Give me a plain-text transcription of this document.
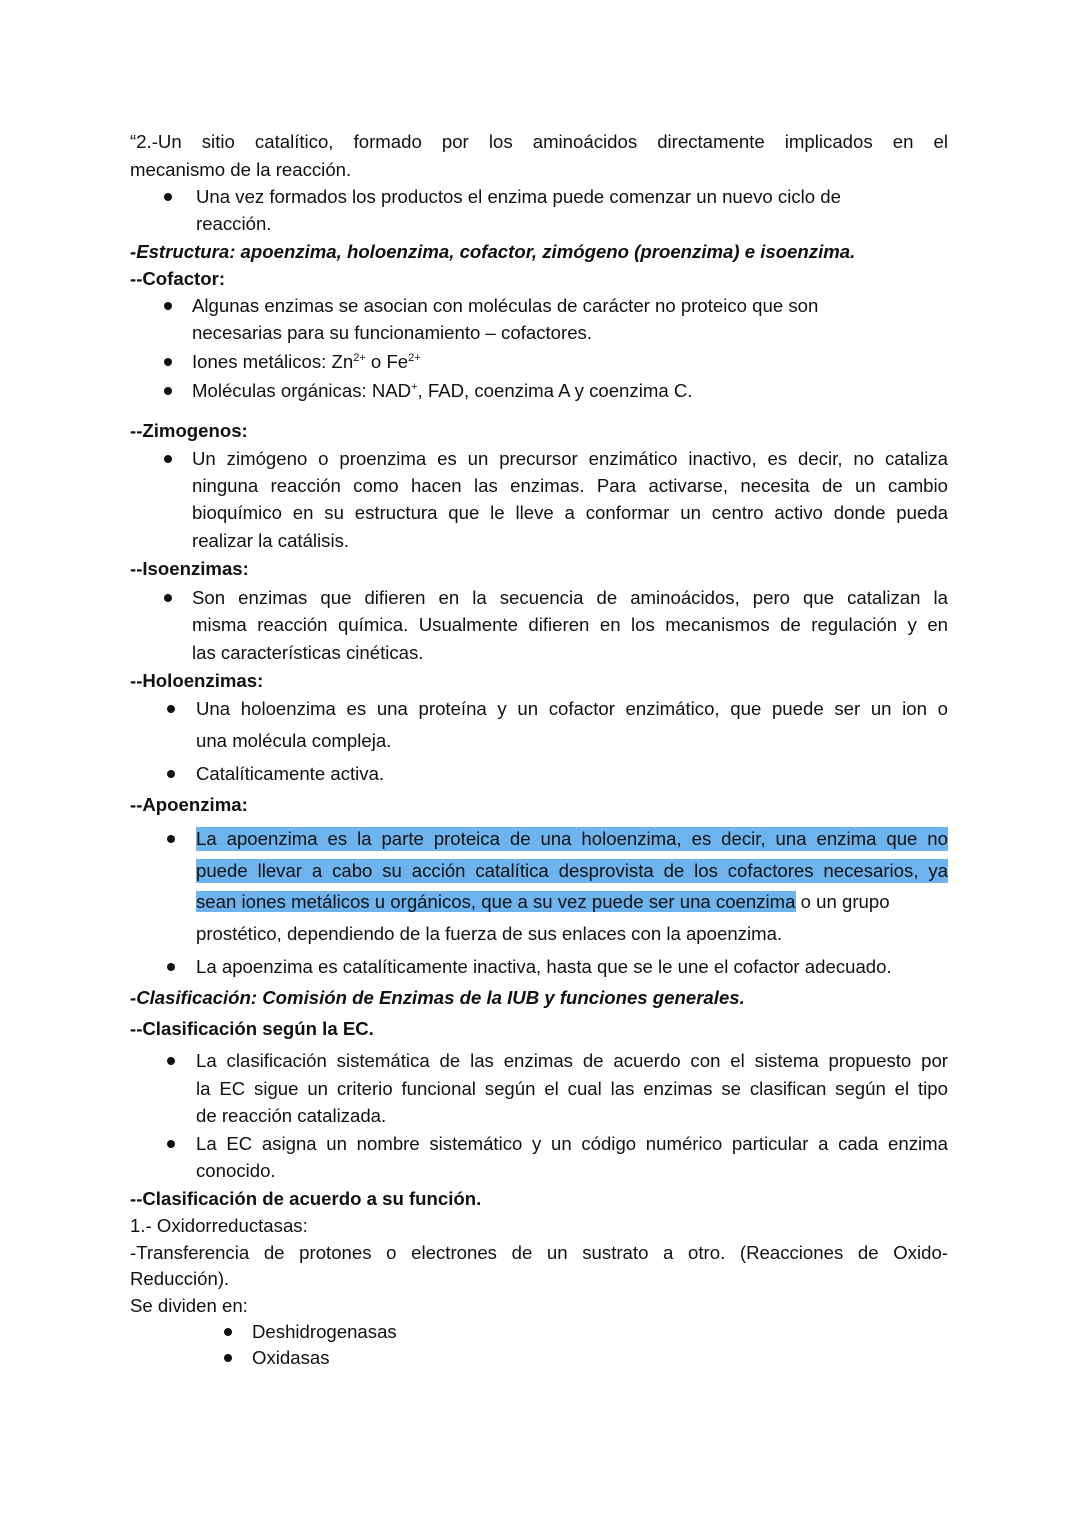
“2.-Un sitio catalítico, formado por los aminoácidos directamente implicados en el
mecanismo de la reacción.
Una vez formados los productos el enzima puede comenzar un nuevo ciclo de
reacción.
-Estructura: apoenzima, holoenzima, cofactor, zimógeno (proenzima) e isoenzima.
--Cofactor:
Algunas enzimas se asocian con moléculas de carácter no proteico que son
necesarias para su funcionamiento – cofactores.
Iones metálicos: $Zn^{2+}$ o $Fe^{2+}$
Moléculas orgánicas: NAD+, FAD, coenzima A y coenzima C.
--Zimogenos:
Un zimógeno o proenzima es un precursor enzimático inactivo, es decir, no cataliza
ninguna reacción como hacen las enzimas. Para activarse, necesita de un cambio
bioquímico en su estructura que le lleve a conformar un centro activo donde pueda
realizar la catálisis.
--Isoenzimas:
Son enzimas que difieren en la secuencia de aminoácidos, pero que catalizan la
misma reacción química. Usualmente difieren en los mecanismos de regulación y en
las características cinéticas.
--Holoenzimas:
Una holoenzima es una proteína y un cofactor enzimático, que puede ser un ion o
una molécula compleja.
Catalíticamente activa.
--Apoenzima:
La apoenzima es la parte proteica de una holoenzima, es decir, una enzima que no
puede llevar a cabo su acción catalítica desprovista de los cofactores necesarios, ya
sean iones metálicos u orgánicos, que a su vez puede ser una coenzima o un grupo
prostético, dependiendo de la fuerza de sus enlaces con la apoenzima.
La apoenzima es catalíticamente inactiva, hasta que se le une el cofactor adecuado.
-Clasificación: Comisión de Enzimas de la IUB y funciones generales.
--Clasificación según la EC.
La clasificación sistemática de las enzimas de acuerdo con el sistema propuesto por
la EC sigue un criterio funcional según el cual las enzimas se clasifican según el tipo
de reacción catalizada.
La EC asigna un nombre sistemático y un código numérico particular a cada enzima
conocido.
--Clasificación de acuerdo a su función.
1.- Oxidorreductasas:
-Transferencia de protones o electrones de un sustrato a otro. (Reacciones de Oxido-
Reducción).
Se dividen en:
Deshidrogenasas
Oxidasas
